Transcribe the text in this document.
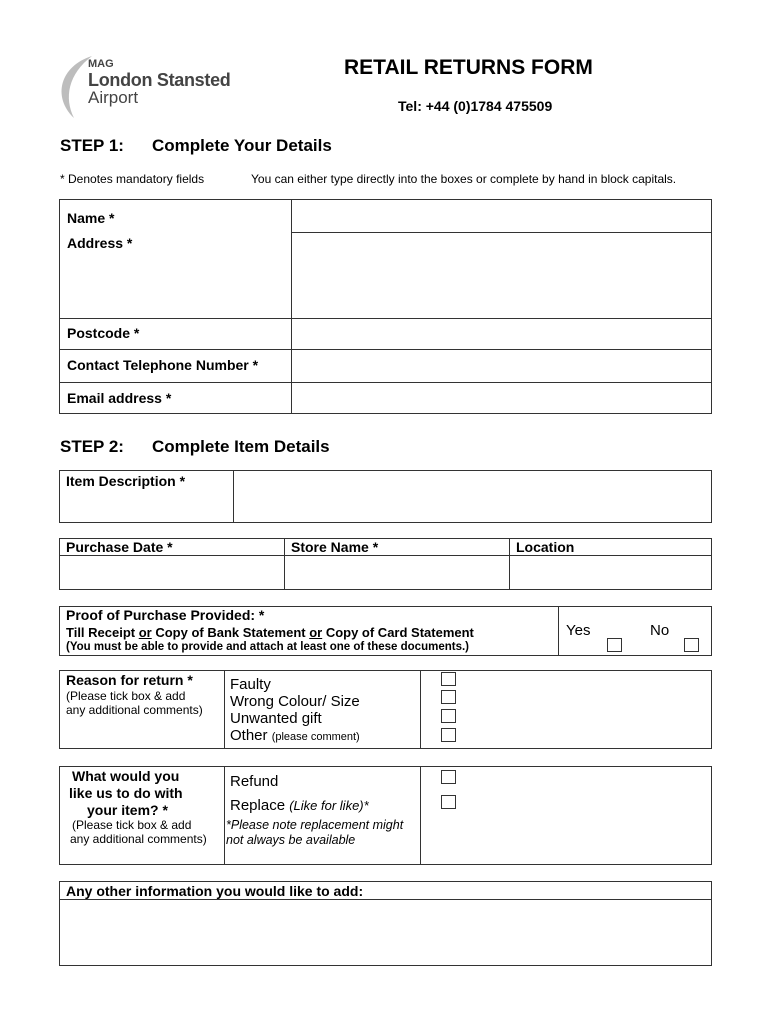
MAG
London Stansted
Airport
RETAIL RETURNS FORM
Tel: +44 (0)1784 475509
STEP 1: Complete Your Details
* Denotes mandatory fields	You can either type directly into the boxes or complete by hand in block capitals.
Name *
Address *
Postcode *
Contact Telephone Number *
Email address *
STEP 2: Complete Item Details
Item Description *
Purchase Date *	Store Name *	Location
Proof of Purchase Provided: *
Till Receipt or Copy of Bank Statement or Copy of Card Statement
(You must be able to provide and attach at least one of these documents.)
Yes	No
Reason for return *
(Please tick box & add
any additional comments)
Faulty
Wrong Colour/ Size
Unwanted gift
Other (please comment)
What would you
like us to do with
your item? *
(Please tick box & add
any additional comments)
Refund
Replace (Like for like)*
*Please note replacement might
not always be available
Any other information you would like to add:
